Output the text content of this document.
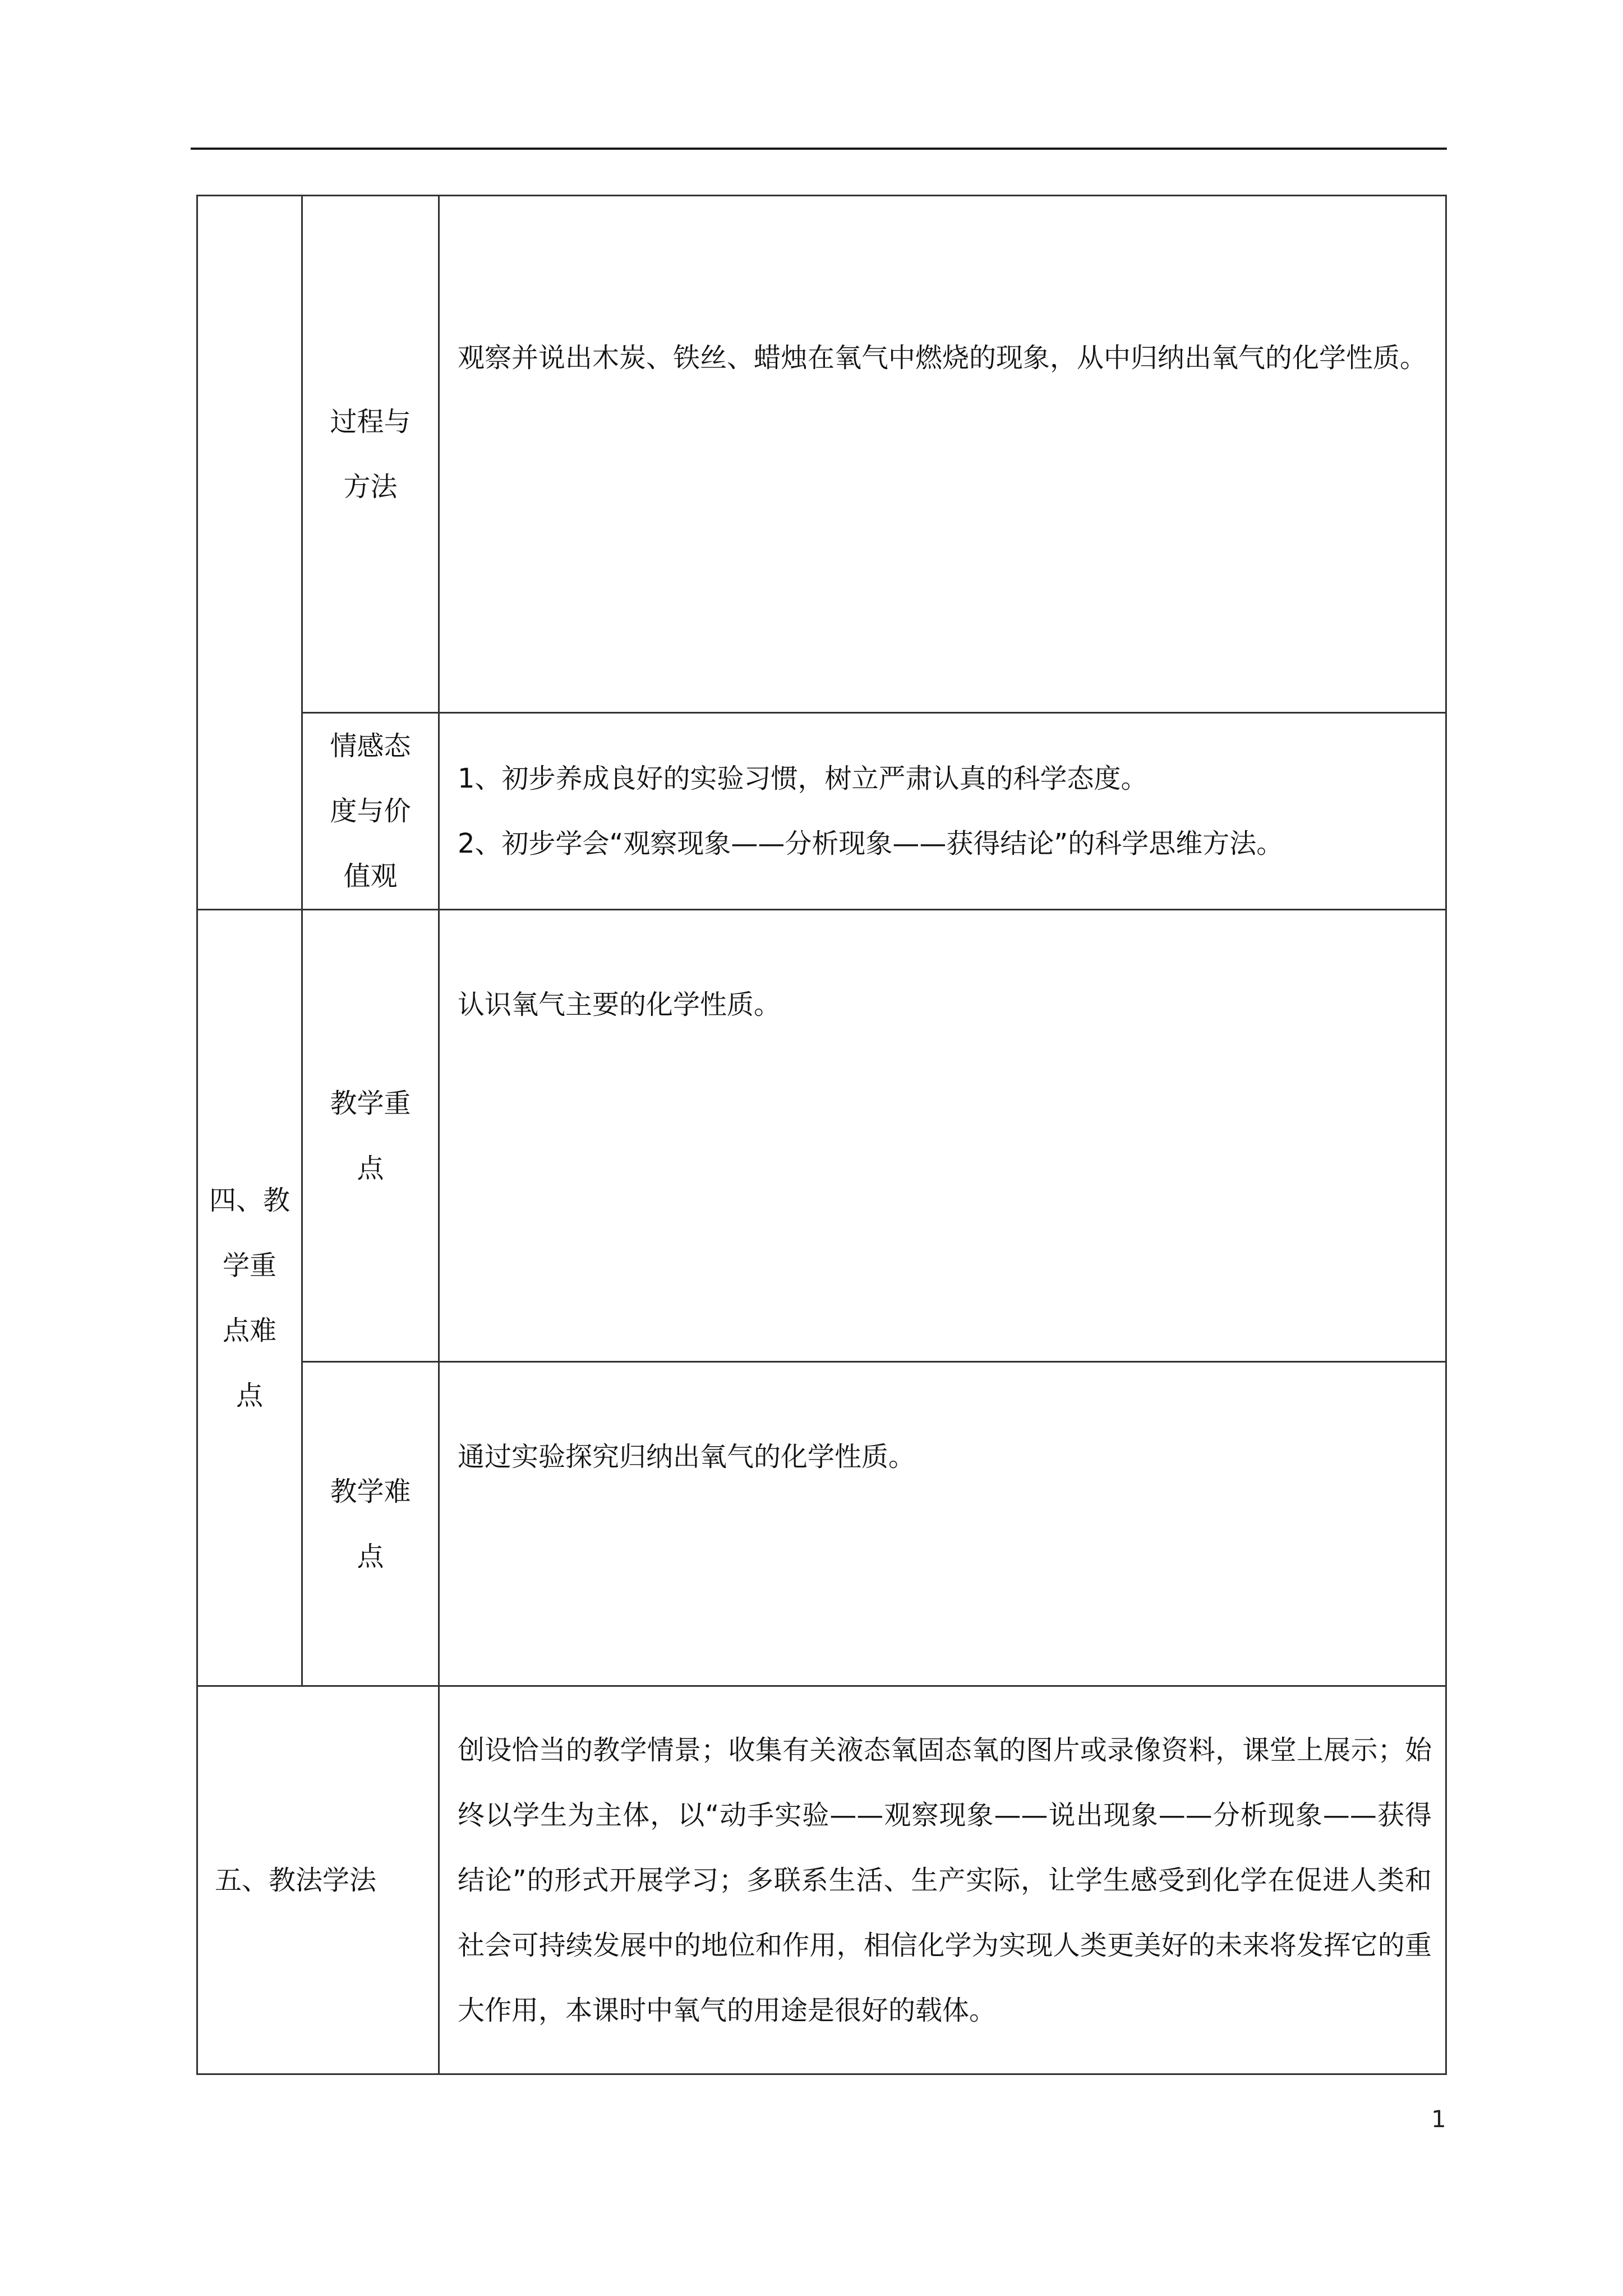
	过程与
方法	观察并说出木炭、铁丝、蜡烛在氧气中燃烧的现象，从中归纳出氧气的化学性质。

	情感态
度与价
值观	1、初步养成良好的实验习惯，树立严肃认真的科学态度。
2、初步学会“观察现象——分析现象——获得结论”的科学思维方法。

四、教
学重
点难
点	教学重
点	认识氧气主要的化学性质。

	教学难
点	通过实验探究归纳出氧气的化学性质。

五、教法学法		创设恰当的教学情景；收集有关液态氧固态氧的图片或录像资料，课堂上展示；始终以学生为主体，以“动手实验——观察现象——说出现象——分析现象——获得结论”的形式开展学习；多联系生活、生产实际，让学生感受到化学在促进人类和社会可持续发展中的地位和作用，相信化学为实现人类更美好的未来将发挥它的重大作用，本课时中氧气的用途是很好的载体。
1
